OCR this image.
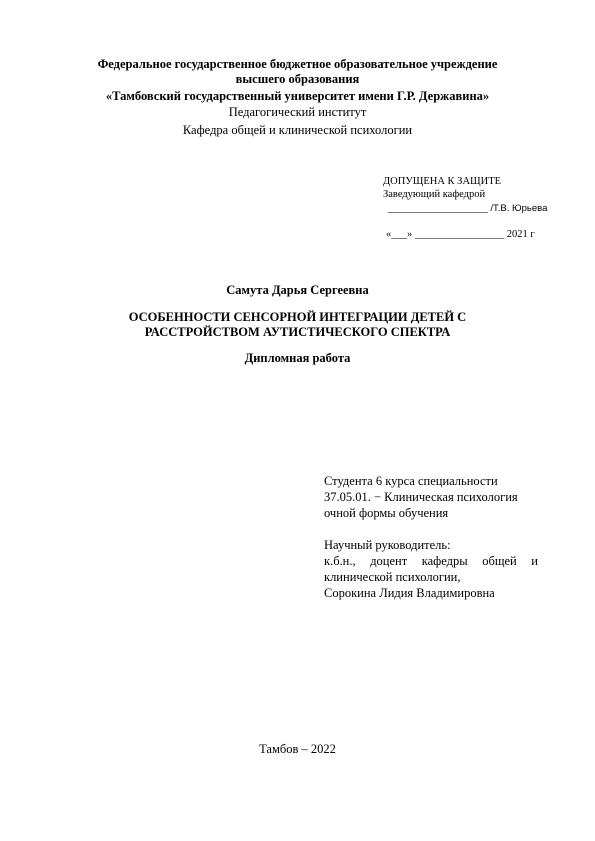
Федеральное государственное бюджетное образовательное учреждение
высшего образования
«Тамбовский государственный университет имени Г.Р. Державина»
Педагогический институт
Кафедра общей и клинической психологии
ДОПУЩЕНА К ЗАЩИТЕ
Заведующий кафедрой
___________________ /Т.В. Юрьева
«___» _________________ 2021 г
Самута Дарья Сергеевна
ОСОБЕННОСТИ СЕНСОРНОЙ ИНТЕГРАЦИИ ДЕТЕЙ С
РАССТРОЙСТВОМ АУТИСТИЧЕСКОГО СПЕКТРА
Дипломная работа
Студента 6 курса специальности
37.05.01. − Клиническая психология
очной формы обучения
Научный руководитель:
к.б.н., доцент кафедры общей и
клинической психологии,
Сорокина Лидия Владимировна
Тамбов – 2022
